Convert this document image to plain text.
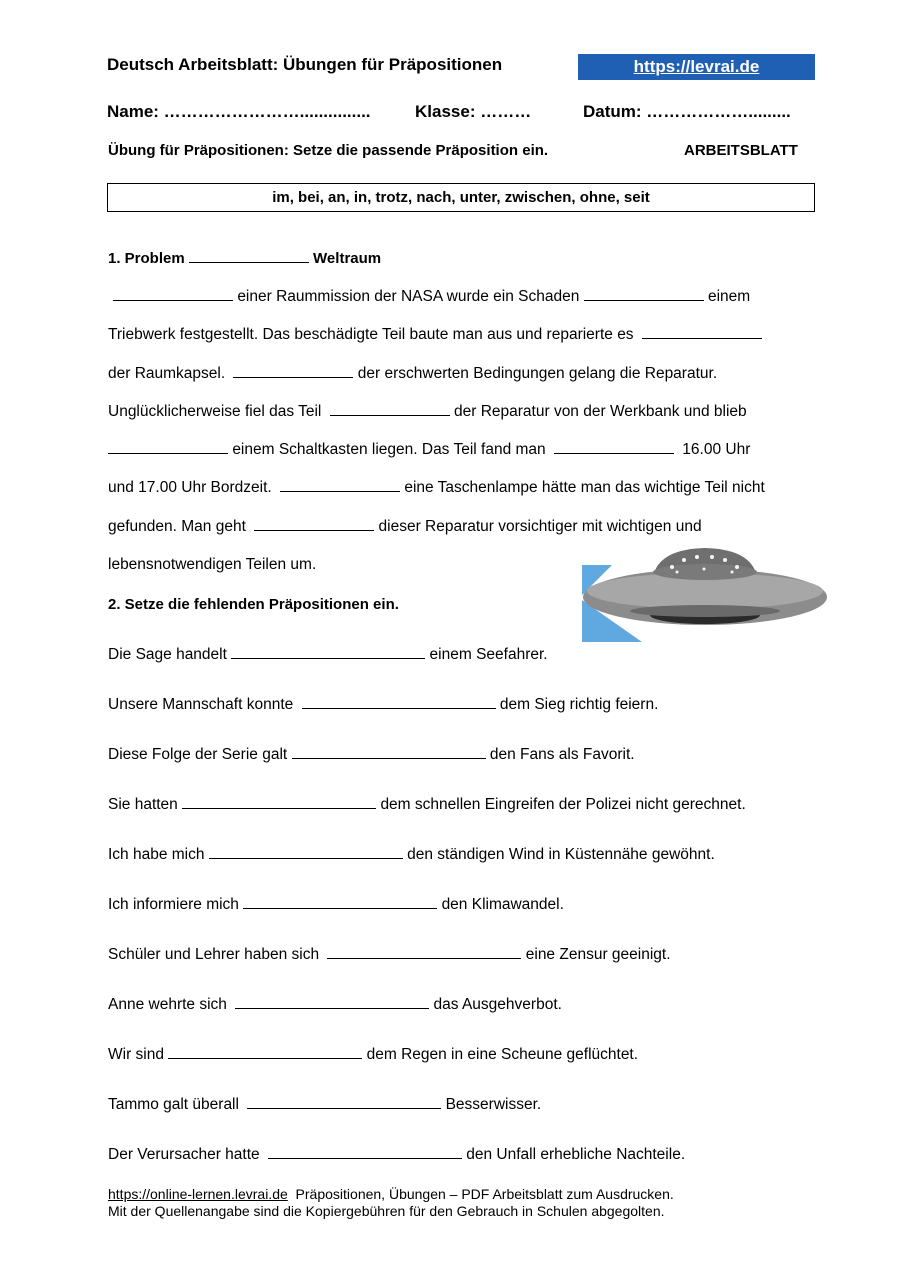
Deutsch Arbeitsblatt: Übungen für Präpositionen	https://levrai.de
Name: ……………………...............	Klasse: ………	Datum: ……………….........
Übung für Präpositionen: Setze die passende Präposition ein.	ARBEITSBLATT
im, bei, an, in, trotz, nach, unter, zwischen, ohne, seit
1. Problem	Weltraum
einer Raummission der NASA wurde ein Schaden	einem
Triebwerk festgestellt. Das beschädigte Teil baute man aus und reparierte es
der Raumkapsel.	der erschwerten Bedingungen gelang die Reparatur.
Unglücklicherweise fiel das Teil	der Reparatur von der Werkbank und blieb
einem Schaltkasten liegen. Das Teil fand man	16.00 Uhr
und 17.00 Uhr Bordzeit.	eine Taschenlampe hätte man das wichtige Teil nicht
gefunden. Man geht	dieser Reparatur vorsichtiger mit wichtigen und
lebensnotwendigen Teilen um.
2. Setze die fehlenden Präpositionen ein.
Die Sage handelt	einem Seefahrer.
Unsere Mannschaft konnte	dem Sieg richtig feiern.
Diese Folge der Serie galt	den Fans als Favorit.
Sie hatten	dem schnellen Eingreifen der Polizei nicht gerechnet.
Ich habe mich	den ständigen Wind in Küstennähe gewöhnt.
Ich informiere mich	den Klimawandel.
Schüler und Lehrer haben sich	eine Zensur geeinigt.
Anne wehrte sich	das Ausgehverbot.
Wir sind	dem Regen in eine Scheune geflüchtet.
Tammo galt überall	Besserwisser.
Der Verursacher hatte	den Unfall erhebliche Nachteile.
https://online-lernen.levrai.de  Präpositionen, Übungen – PDF Arbeitsblatt zum Ausdrucken.
Mit der Quellenangabe sind die Kopiergebühren für den Gebrauch in Schulen abgegolten.
